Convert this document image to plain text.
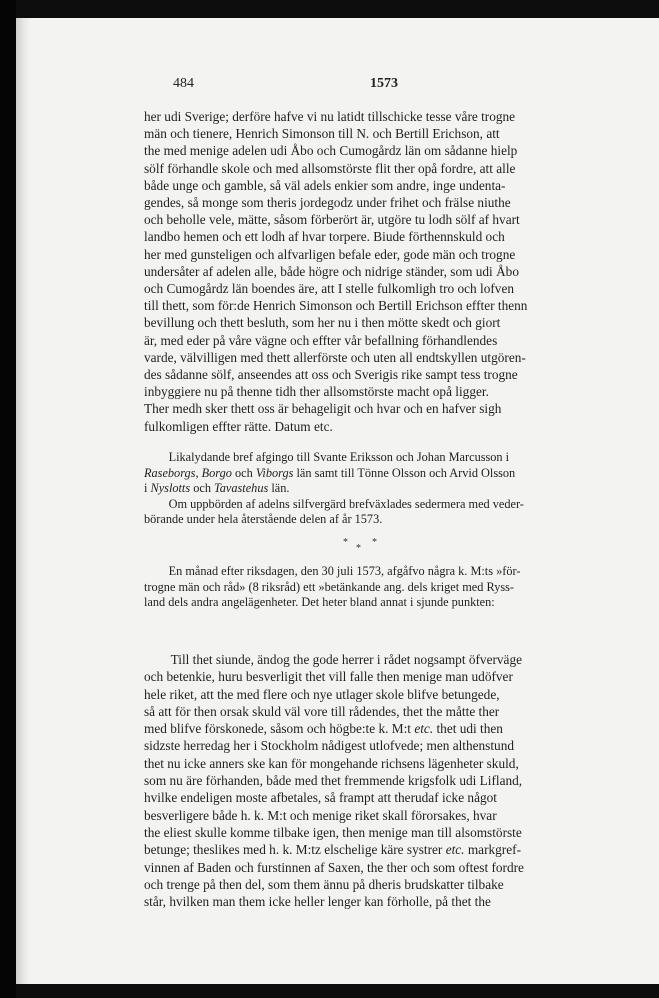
484	1573
her udi Sverige; derföre hafve vi nu latidt tillschicke tesse våre trogne
män och tienere, Henrich Simonson till N. och Bertill Erichson, att
the med menige adelen udi Åbo och Cumogårdz län om sådanne hielp
sölf förhandle skole och med allsomstörste flit ther opå fordre, att alle
både unge och gamble, så väl adels enkier som andre, inge undenta-
gendes, så monge som theris jordegodz under frihet och frälse niuthe
och beholle vele, mätte, såsom förberört är, utgöre tu lodh sölf af hvart
landbo hemen och ett lodh af hvar torpere. Biude förthennskuld och
her med gunsteligen och alfvarligen befale eder, gode män och trogne
undersåter af adelen alle, både högre och nidrige ständer, som udi Åbo
och Cumogårdz län boendes äre, att I stelle fulkomligh tro och lofven
till thett, som för:de Henrich Simonson och Bertill Erichson effter thenn
bevillung och thett besluth, som her nu i then mötte skedt och giort
är, med eder på våre vägne och effter vår befallning förhandlendes
varde, välvilligen med thett allerförste och uten all endtskyllen utgören-
des sådanne sölf, anseendes att oss och Sverigis rike sampt tess trogne
inbyggiere nu på thenne tidh ther allsomstörste macht opå ligger.
Ther medh sker thett oss är behageligit och hvar och en hafver sigh
fulkomligen effter rätte. Datum etc.
Likalydande bref afgingo till Svante Eriksson och Johan Marcusson i
Raseborgs, Borgo och Viborgs län samt till Tönne Olsson och Arvid Olsson
i Nyslotts och Tavastehus län.
Om uppbörden af adelns silfvergärd brefväxlades sedermera med veder-
börande under hela återstående delen af år 1573.
* *
*
En månad efter riksdagen, den 30 juli 1573, afgåfvo några k. M:ts »för-
trogne män och råd» (8 riksråd) ett »betänkande ang. dels kriget med Ryss-
land dels andra angelägenheter. Det heter bland annat i sjunde punkten:
Till thet siunde, ändog the gode herrer i rådet nogsampt öfverväge
och betenkie, huru besverligit thet vill falle then menige man udöfver
hele riket, att the med flere och nye utlager skole blifve betungede,
så att för then orsak skuld väl vore till rådendes, thet the måtte ther
med blifve förskonede, såsom och högbe:te k. M:t etc. thet udi then
sidzste herredag her i Stockholm nådigest utlofvede; men althenstund
thet nu icke anners ske kan för mongehande richsens lägenheter skuld,
som nu äre förhanden, både med thet fremmende krigsfolk udi Lifland,
hvilke endeligen moste afbetales, så frampt att therudaf icke något
besverligere både h. k. M:t och menige riket skall förorsakes, hvar
the eliest skulle komme tilbake igen, then menige man till alsomstörste
betunge; theslikes med h. k. M:tz elschelige käre systrer etc. markgref-
vinnen af Baden och furstinnen af Saxen, the ther och som oftest fordre
och trenge på then del, som them ännu på dheris brudskatter tilbake
står, hvilken man them icke heller lenger kan förholle, på thet the
